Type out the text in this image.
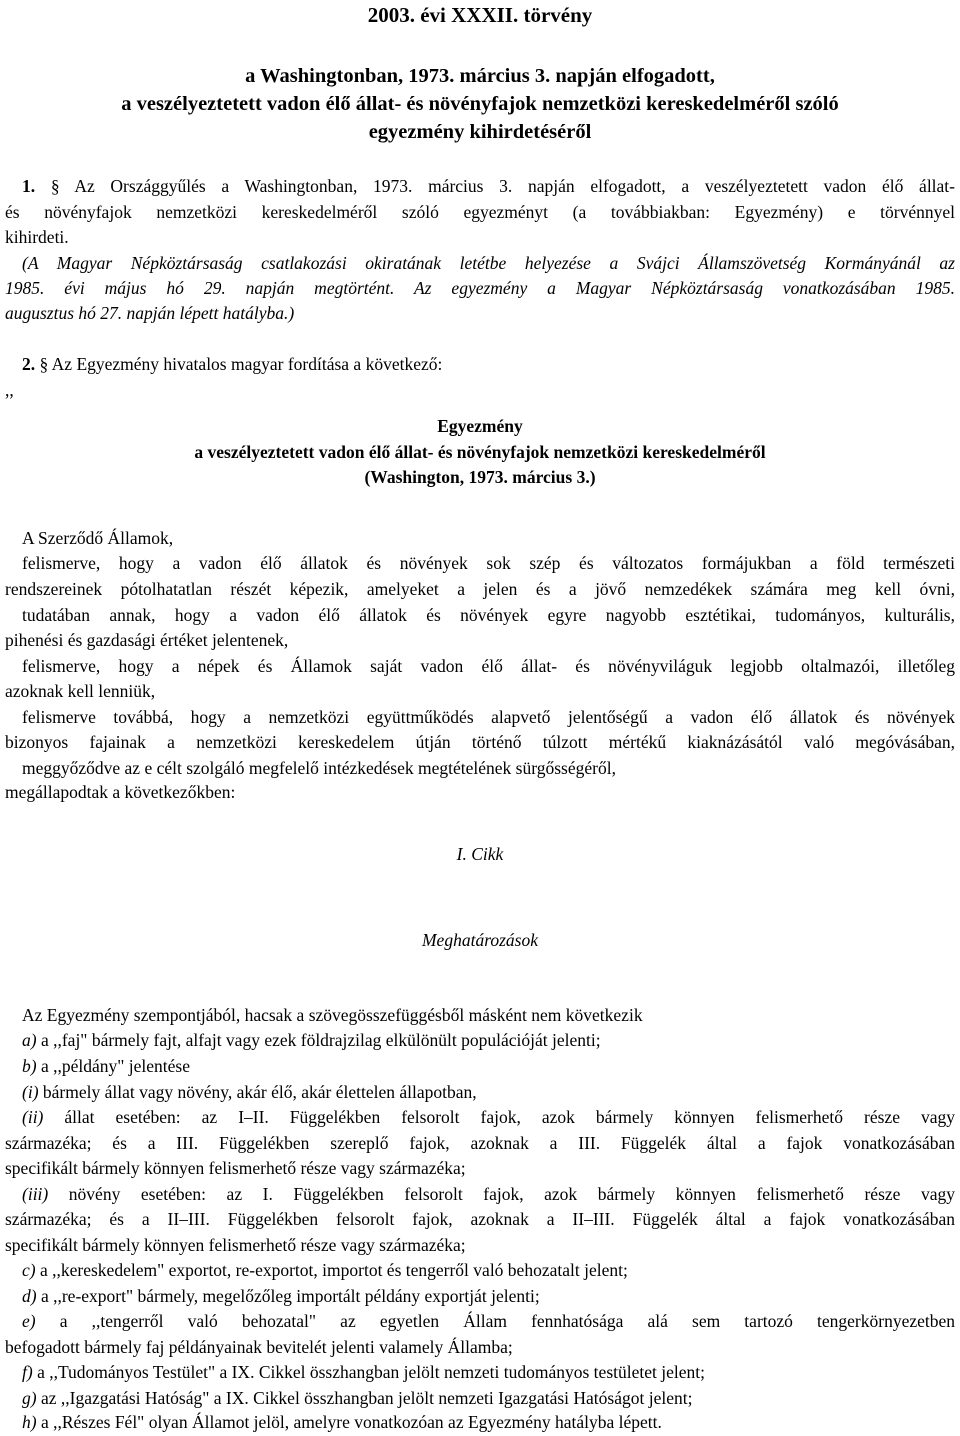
2003. évi XXXII. törvény
a Washingtonban, 1973. március 3. napján elfogadott,
a veszélyeztetett vadon élő állat- és növényfajok nemzetközi kereskedelméről szóló
egyezmény kihirdetéséről
1. § Az Országgyűlés a Washingtonban, 1973. március 3. napján elfogadott, a veszélyeztetett vadon élő állat-
és növényfajok nemzetközi kereskedelméről szóló egyezményt (a továbbiakban: Egyezmény) e törvénnyel
kihirdeti.
(A Magyar Népköztársaság csatlakozási okiratának letétbe helyezése a Svájci Államszövetség Kormányánál az
1985. évi május hó 29. napján megtörtént. Az egyezmény a Magyar Népköztársaság vonatkozásában 1985.
augusztus hó 27. napján lépett hatályba.)
2. § Az Egyezmény hivatalos magyar fordítása a következő:
,,
Egyezmény
a veszélyeztetett vadon élő állat- és növényfajok nemzetközi kereskedelméről
(Washington, 1973. március 3.)
A Szerződő Államok,
felismerve, hogy a vadon élő állatok és növények sok szép és változatos formájukban a föld természeti
rendszereinek pótolhatatlan részét képezik, amelyeket a jelen és a jövő nemzedékek számára meg kell óvni,
tudatában annak, hogy a vadon élő állatok és növények egyre nagyobb esztétikai, tudományos, kulturális,
pihenési és gazdasági értéket jelentenek,
felismerve, hogy a népek és Államok saját vadon élő állat- és növényviláguk legjobb oltalmazói, illetőleg
azoknak kell lenniük,
felismerve továbbá, hogy a nemzetközi együttműködés alapvető jelentőségű a vadon élő állatok és növények
bizonyos fajainak a nemzetközi kereskedelem útján történő túlzott mértékű kiaknázásától való megóvásában,
meggyőződve az e célt szolgáló megfelelő intézkedések megtételének sürgősségéről,
megállapodtak a következőkben:
I. Cikk
Meghatározások
Az Egyezmény szempontjából, hacsak a szövegösszefüggésből másként nem következik
a) a ,,faj" bármely fajt, alfajt vagy ezek földrajzilag elkülönült populációját jelenti;
b) a ,,példány" jelentése
(i) bármely állat vagy növény, akár élő, akár élettelen állapotban,
(ii) állat esetében: az I–II. Függelékben felsorolt fajok, azok bármely könnyen felismerhető része vagy
származéka; és a III. Függelékben szereplő fajok, azoknak a III. Függelék által a fajok vonatkozásában
specifikált bármely könnyen felismerhető része vagy származéka;
(iii) növény esetében: az I. Függelékben felsorolt fajok, azok bármely könnyen felismerhető része vagy
származéka; és a II–III. Függelékben felsorolt fajok, azoknak a II–III. Függelék által a fajok vonatkozásában
specifikált bármely könnyen felismerhető része vagy származéka;
c) a ,,kereskedelem" exportot, re-exportot, importot és tengerről való behozatalt jelent;
d) a ,,re-export" bármely, megelőzőleg importált példány exportját jelenti;
e) a ,,tengerről való behozatal" az egyetlen Állam fennhatósága alá sem tartozó tengerkörnyezetben
befogadott bármely faj példányainak bevitelét jelenti valamely Államba;
f) a ,,Tudományos Testület" a IX. Cikkel összhangban jelölt nemzeti tudományos testületet jelent;
g) az ,,Igazgatási Hatóság" a IX. Cikkel összhangban jelölt nemzeti Igazgatási Hatóságot jelent;
h) a ,,Részes Fél" olyan Államot jelöl, amelyre vonatkozóan az Egyezmény hatályba lépett.
